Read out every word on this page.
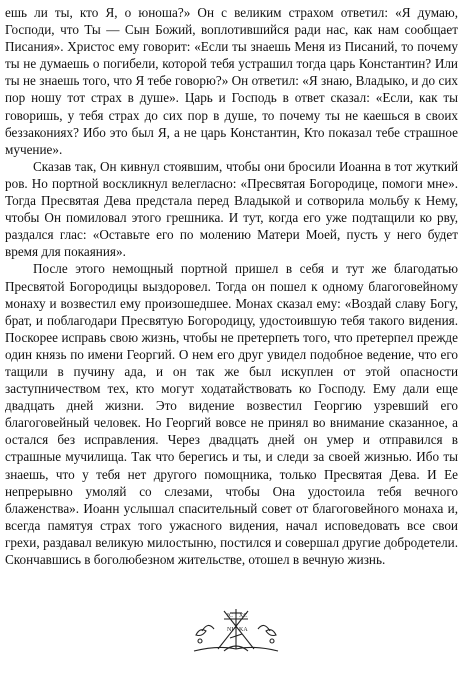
ешь ли ты, кто Я, о юноша?» Он с великим страхом ответил: «Я думаю, Господи, что Ты — Сын Божий, воплотившийся ради нас, как нам сообщает Писания». Христос ему говорит: «Если ты знаешь Меня из Писаний, то почему ты не думаешь о погибели, которой тебя устрашил тогда царь Константин? Или ты не знаешь того, что Я тебе говорю?» Он ответил: «Я знаю, Владыко, и до сих пор ношу тот страх в душе». Царь и Господь в ответ сказал: «Если, как ты говоришь, у тебя страх до сих пор в душе, то почему ты не каешься в своих беззакониях? Ибо это был Я, а не царь Константин, Кто показал тебе страшное мучение».

Сказав так, Он кивнул стоявшим, чтобы они бросили Иоанна в тот жуткий ров. Но портной воскликнул велегласно: «Пресвятая Богородице, помоги мне». Тогда Пресвятая Дева предстала перед Владыкой и сотворила мольбу к Нему, чтобы Он помиловал этого грешника. И тут, когда его уже подтащили ко рву, раздался глас: «Оставьте его по молению Матери Моей, пусть у него будет время для покаяния».

После этого немощный портной пришел в себя и тут же благодатью Пресвятой Богородицы выздоровел. Тогда он пошел к одному благоговейному монаху и возвестил ему произошедшее. Монах сказал ему: «Воздай славу Богу, брат, и поблагодари Пресвятую Богородицу, удостоившую тебя такого видения. Поскорее исправь свою жизнь, чтобы не претерпеть того, что претерпел прежде один князь по имени Георгий. О нем его друг увидел подобное ведение, что его тащили в пучину ада, и он так же был искуплен от этой опасности заступничеством тех, кто могут ходатайствовать ко Господу. Ему дали еще двадцать дней жизни. Это видение возвестил Георгию узревший его благоговейный человек. Но Георгий вовсе не принял во внимание сказанное, а остался без исправления. Через двадцать дней он умер и отправился в страшные мучилища. Так что берегись и ты, и следи за своей жизнью. Ибо ты знаешь, что у тебя нет другого помощника, только Пресвятая Дева. И Ее непрерывно умоляй со слезами, чтобы Она удостоила тебя вечного блаженства». Иоанн услышал спасительный совет от благоговейного монаха и, всегда памятуя страх того ужасного видения, начал исповедовать все свои грехи, раздавал великую милостыню, постился и совершал другие добродетели. Скончавшись в боголюбезном жительстве, отошел в вечную жизнь.

IC XC
NI KA
